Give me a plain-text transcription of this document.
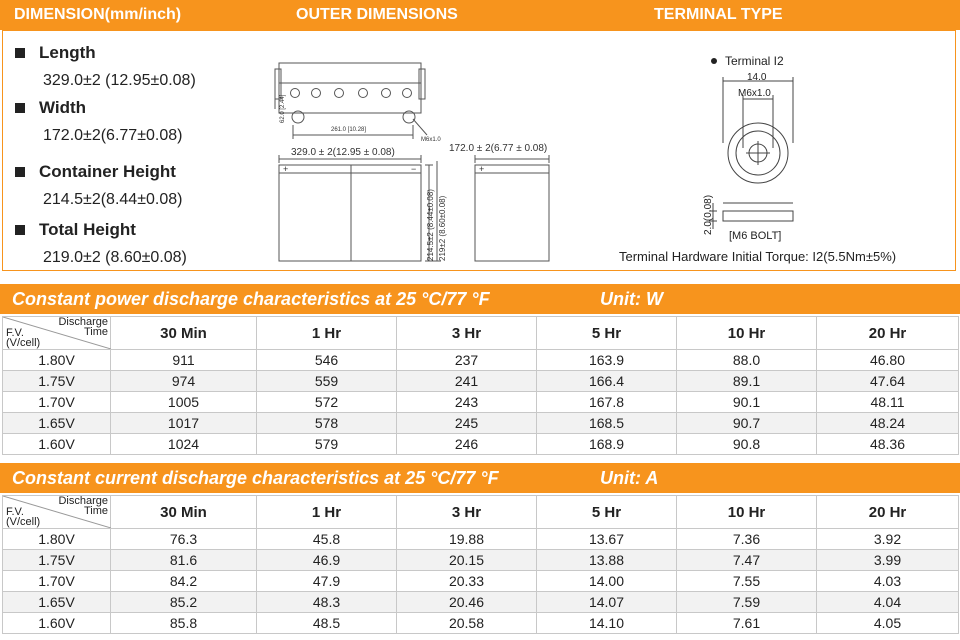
DIMENSION(mm/inch)	OUTER DIMENSIONS	TERMINAL TYPE
Length
329.0±2 (12.95±0.08)
Width
172.0±2(6.77±0.08)
Container Height
214.5±2(8.44±0.08)
Total Height
219.0±2 (8.60±0.08)
62.0 [2.44]
261.0 [10.28]
M6x1.0
329.0 ± 2(12.95 ± 0.08)	172.0 ± 2(6.77 ± 0.08)
214.5±2 (8.44±0.08) 219±2 (8.60±0.08)
+	−	+
Terminal I2
14.0
M6x1.0
2.0(0.08)
[M6 BOLT]
Terminal Hardware Initial Torque: I2(5.5Nm±5%)
Constant power discharge characteristics at 25 °C/77 °F	Unit: W
Discharge
Time
F.V.
(V/cell)	30 Min	1 Hr	3 Hr	5 Hr	10 Hr	20 Hr
1.80V	911	546	237	163.9	88.0	46.80
1.75V	974	559	241	166.4	89.1	47.64
1.70V	1005	572	243	167.8	90.1	48.11
1.65V	1017	578	245	168.5	90.7	48.24
1.60V	1024	579	246	168.9	90.8	48.36
Constant current discharge characteristics at 25 °C/77 °F	Unit: A
Discharge
Time
F.V.
(V/cell)	30 Min	1 Hr	3 Hr	5 Hr	10 Hr	20 Hr
1.80V	76.3	45.8	19.88	13.67	7.36	3.92
1.75V	81.6	46.9	20.15	13.88	7.47	3.99
1.70V	84.2	47.9	20.33	14.00	7.55	4.03
1.65V	85.2	48.3	20.46	14.07	7.59	4.04
1.60V	85.8	48.5	20.58	14.10	7.61	4.05
